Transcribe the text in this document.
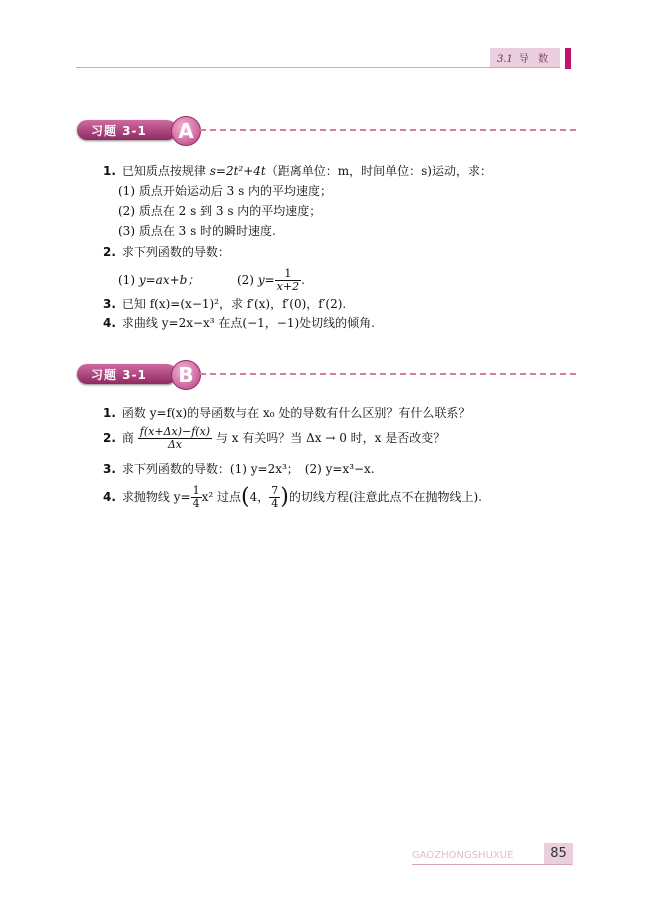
3.1 导 数
习题 3-1	A
1. 已知质点按规律 s=2t²+4t（距离单位：m，时间单位：s)运动，求：
(1) 质点开始运动后 3 s 内的平均速度；
(2) 质点在 2 s 到 3 s 内的平均速度；
(3) 质点在 3 s 时的瞬时速度.
2. 求下列函数的导数：
(1) y=ax+b；	(2) $y= \frac{1}{x+2}$ .
3. 已知 f(x)=(x−1)²，求 f′(x)，f′(0)，f′(2).
4. 求曲线 y=2x−x³ 在点(−1，−1)处切线的倾角.
习题 3-1	B
1. 函数 y=f(x)的导函数与在 x₀ 处的导数有什么区别？有什么联系？
2. 商 $\frac{f(x+\Delta x)-f(x)}{\Delta x}$ 与 x 有关吗？当 Δx → 0 时，x 是否改变？
3. 求下列函数的导数：(1) y=2x³；　(2) y=x³−x.
4. 求抛物线 $y= \frac{1}{4} x^2$ 过点(4， $\frac{7}{4}$ )的切线方程(注意此点不在抛物线上).
GAOZHONGSHUXUE	85
